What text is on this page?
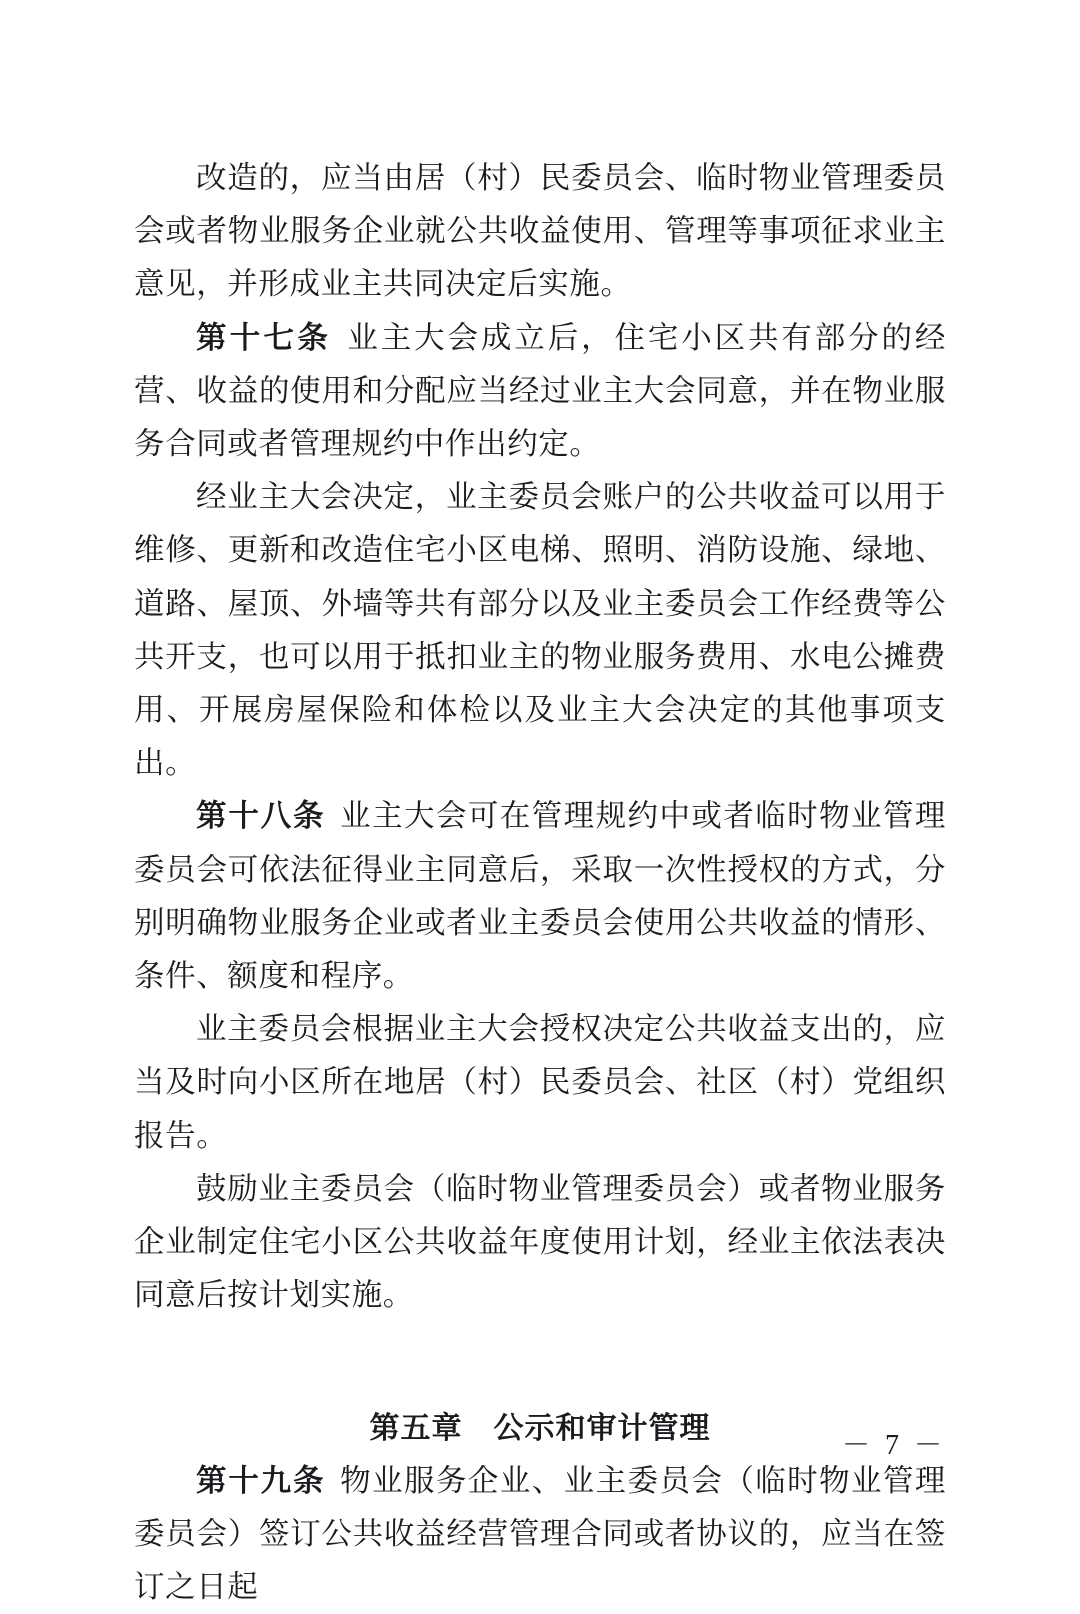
改造的，应当由居（村）民委员会、临时物业管理委员会或者物业服务企业就公共收益使用、管理等事项征求业主意见，并形成业主共同决定后实施。

第十七条 业主大会成立后，住宅小区共有部分的经营、收益的使用和分配应当经过业主大会同意，并在物业服务合同或者管理规约中作出约定。

经业主大会决定，业主委员会账户的公共收益可以用于维修、更新和改造住宅小区电梯、照明、消防设施、绿地、道路、屋顶、外墙等共有部分以及业主委员会工作经费等公共开支，也可以用于抵扣业主的物业服务费用、水电公摊费用、开展房屋保险和体检以及业主大会决定的其他事项支出。

第十八条 业主大会可在管理规约中或者临时物业管理委员会可依法征得业主同意后，采取一次性授权的方式，分别明确物业服务企业或者业主委员会使用公共收益的情形、条件、额度和程序。

业主委员会根据业主大会授权决定公共收益支出的，应当及时向小区所在地居（村）民委员会、社区（村）党组织报告。

鼓励业主委员会（临时物业管理委员会）或者物业服务企业制定住宅小区公共收益年度使用计划，经业主依法表决同意后按计划实施。

第五章　公示和审计管理

第十九条 物业服务企业、业主委员会（临时物业管理委员会）签订公共收益经营管理合同或者协议的，应当在签订之日起

－ 7 －
